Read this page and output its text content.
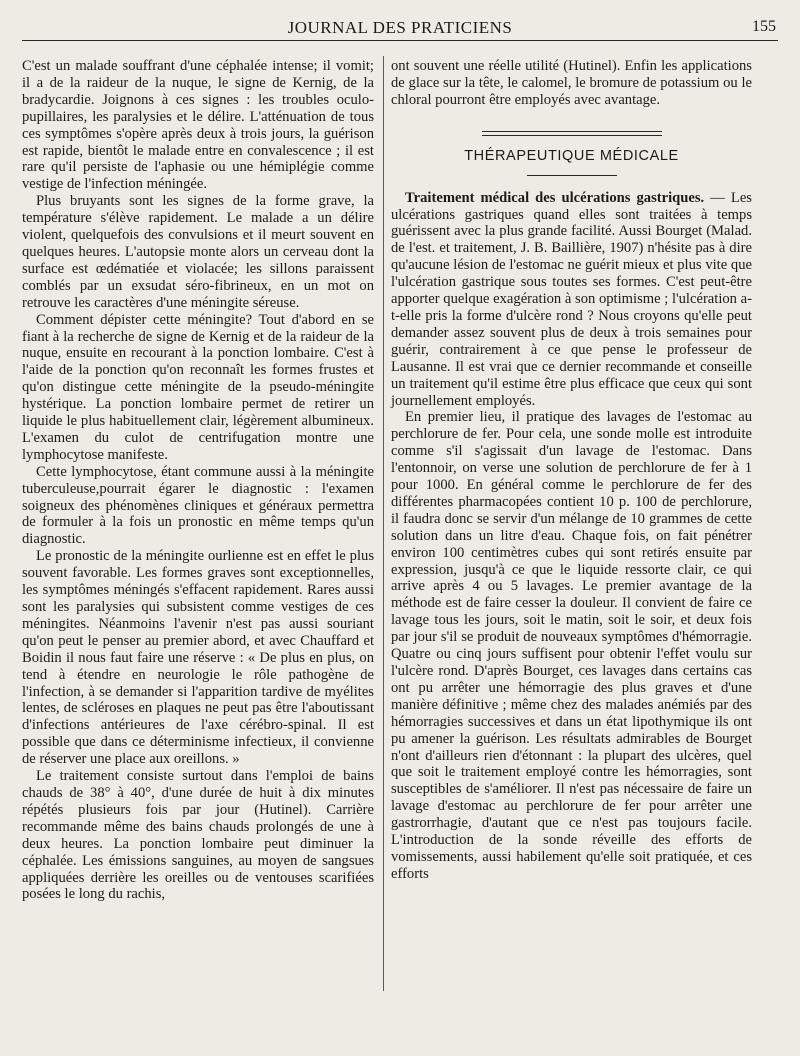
JOURNAL DES PRATICIENS	155

C'est un malade souffrant d'une céphalée intense; il vomit; il a de la raideur de la nuque, le signe de Kernig, de la bradycardie. Joignons à ces signes : les troubles oculo-pupillaires, les paralysies et le délire. L'atténuation de tous ces symptômes s'opère après deux à trois jours, la guérison est rapide, bientôt le malade entre en convalescence ; il est rare qu'il persiste de l'aphasie ou une hémiplégie comme vestige de l'infection méningée.

Plus bruyants sont les signes de la forme grave, la température s'élève rapidement. Le malade a un délire violent, quelquefois des convulsions et il meurt souvent en quelques heures. L'autopsie monte alors un cerveau dont la surface est œdématiée et violacée; les sillons paraissent comblés par un exsudat séro-fibrineux, en un mot on retrouve les caractères d'une méningite séreuse.

Comment dépister cette méningite? Tout d'abord en se fiant à la recherche de signe de Kernig et de la raideur de la nuque, ensuite en recourant à la ponction lombaire. C'est à l'aide de la ponction qu'on reconnaît les formes frustes et qu'on distingue cette méningite de la pseudo-méningite hystérique. La ponction lombaire permet de retirer un liquide le plus habituellement clair, légèrement albumineux. L'examen du culot de centrifugation montre une lymphocytose manifeste.

Cette lymphocytose, étant commune aussi à la méningite tuberculeuse,pourrait égarer le diagnostic : l'examen soigneux des phénomènes cliniques et généraux permettra de formuler à la fois un pronostic en même temps qu'un diagnostic.

Le pronostic de la méningite ourlienne est en effet le plus souvent favorable. Les formes graves sont exceptionnelles, les symptômes méningés s'effacent rapidement. Rares aussi sont les paralysies qui subsistent comme vestiges de ces méningites. Néanmoins l'avenir n'est pas aussi souriant qu'on peut le penser au premier abord, et avec Chauffard et Boidin il nous faut faire une réserve : « De plus en plus, on tend à étendre en neurologie le rôle pathogène de l'infection, à se demander si l'apparition tardive de myélites lentes, de scléroses en plaques ne peut pas être l'aboutissant d'infections antérieures de l'axe cérébro-spinal. Il est possible que dans ce déterminisme infectieux, il convienne de réserver une place aux oreillons. »

Le traitement consiste surtout dans l'emploi de bains chauds de 38° à 40°, d'une durée de huit à dix minutes répétés plusieurs fois par jour (Hutinel). Carrière recommande même des bains chauds prolongés de une à deux heures. La ponction lombaire peut diminuer la céphalée. Les émissions sanguines, au moyen de sangsues appliquées derrière les oreilles ou de ventouses scarifiées posées le long du rachis,

ont souvent une réelle utilité (Hutinel). Enfin les applications de glace sur la tête, le calomel, le bromure de potassium ou le chloral pourront être employés avec avantage.

THÉRAPEUTIQUE MÉDICALE

Traitement médical des ulcérations gastriques. — Les ulcérations gastriques quand elles sont traitées à temps guérissent avec la plus grande facilité. Aussi Bourget (Malad. de l'est. et traitement, J. B. Baillière, 1907) n'hésite pas à dire qu'aucune lésion de l'estomac ne guérit mieux et plus vite que l'ulcération gastrique sous toutes ses formes. C'est peut-être apporter quelque exagération à son optimisme ; l'ulcération a-t-elle pris la forme d'ulcère rond ? Nous croyons qu'elle peut demander assez souvent plus de deux à trois semaines pour guérir, contrairement à ce que pense le professeur de Lausanne. Il est vrai que ce dernier recommande et conseille un traitement qu'il estime être plus efficace que ceux qui sont journellement employés.

En premier lieu, il pratique des lavages de l'estomac au perchlorure de fer. Pour cela, une sonde molle est introduite comme s'il s'agissait d'un lavage de l'estomac. Dans l'entonnoir, on verse une solution de perchlorure de fer à 1 pour 1000. En général comme le perchlorure de fer des différentes pharmacopées contient 10 p. 100 de perchlorure, il faudra donc se servir d'un mélange de 10 grammes de cette solution dans un litre d'eau. Chaque fois, on fait pénétrer environ 100 centimètres cubes qui sont retirés ensuite par expression, jusqu'à ce que le liquide ressorte clair, ce qui arrive après 4 ou 5 lavages. Le premier avantage de la méthode est de faire cesser la douleur. Il convient de faire ce lavage tous les jours, soit le matin, soit le soir, et deux fois par jour s'il se produit de nouveaux symptômes d'hémorragie. Quatre ou cinq jours suffisent pour obtenir l'effet voulu sur l'ulcère rond. D'après Bourget, ces lavages dans certains cas ont pu arrêter une hémorragie des plus graves et d'une manière définitive ; même chez des malades anémiés par des hémorragies successives et dans un état lipothymique ils ont pu amener la guérison. Les résultats admirables de Bourget n'ont d'ailleurs rien d'étonnant : la plupart des ulcères, quel que soit le traitement employé contre les hémorragies, sont susceptibles de s'améliorer. Il n'est pas nécessaire de faire un lavage d'estomac au perchlorure de fer pour arrêter une gastrorrhagie, d'autant que ce n'est pas toujours facile. L'introduction de la sonde réveille des efforts de vomissements, aussi habilement qu'elle soit pratiquée, et ces efforts
